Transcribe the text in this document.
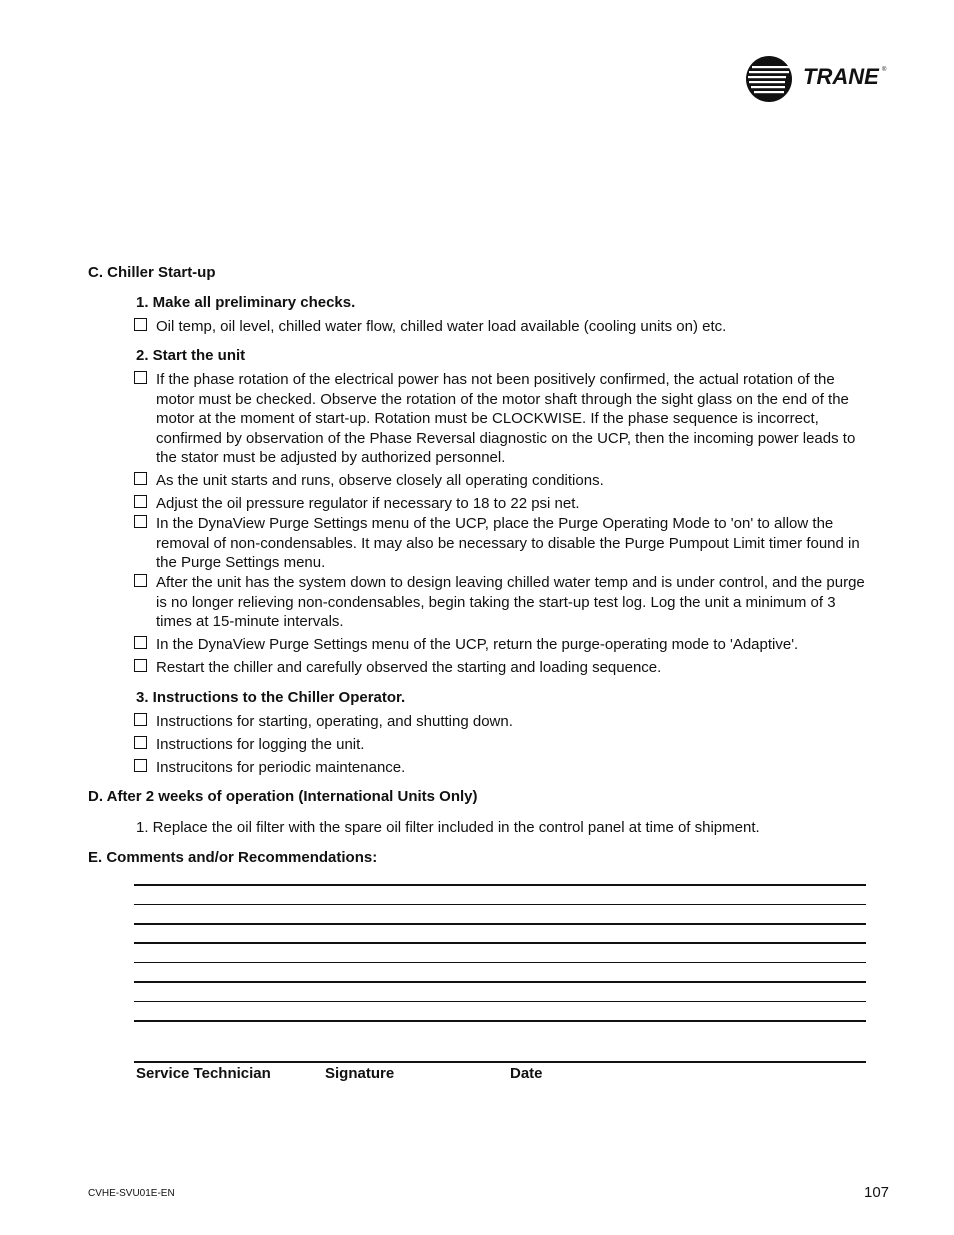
TRANE ®
C. Chiller Start-up
1. Make all preliminary checks.
Oil temp, oil level, chilled water flow, chilled water load available (cooling units on) etc.
2. Start the unit
If the phase rotation of the electrical power has not been positively confirmed, the actual rotation of the motor must be checked. Observe the rotation of the motor shaft through the sight glass on the end of the motor at the moment of start-up. Rotation must be CLOCKWISE. If the phase sequence is incorrect, confirmed by observation of the Phase Reversal diagnostic on the UCP, then the incoming power leads to the stator must be adjusted by authorized personnel.
As the unit starts and runs, observe closely all operating conditions.
Adjust the oil pressure regulator if necessary to 18 to 22 psi net.
In the DynaView Purge Settings menu of the UCP, place the Purge Operating Mode to 'on' to allow the removal of non-condensables. It may also be necessary to disable the Purge Pumpout Limit timer found in the Purge Settings menu.
After the unit has the system down to design leaving chilled water temp and is under control, and the purge is no longer relieving non-condensables, begin taking the start-up test log. Log the unit a minimum of 3 times at 15-minute intervals.
In the DynaView Purge Settings menu of the UCP, return the purge-operating mode to 'Adaptive'.
Restart the chiller and carefully observed the starting and loading sequence.
3. Instructions to the Chiller Operator.
Instructions for starting, operating, and shutting down.
Instructions for logging the unit.
Instrucitons for periodic maintenance.
D. After 2 weeks of operation (International Units Only)
1. Replace the oil filter with the spare oil filter included in the control panel at time of shipment.
E. Comments and/or Recommendations:
Service Technician	Signature	Date
CVHE-SVU01E-EN	107
